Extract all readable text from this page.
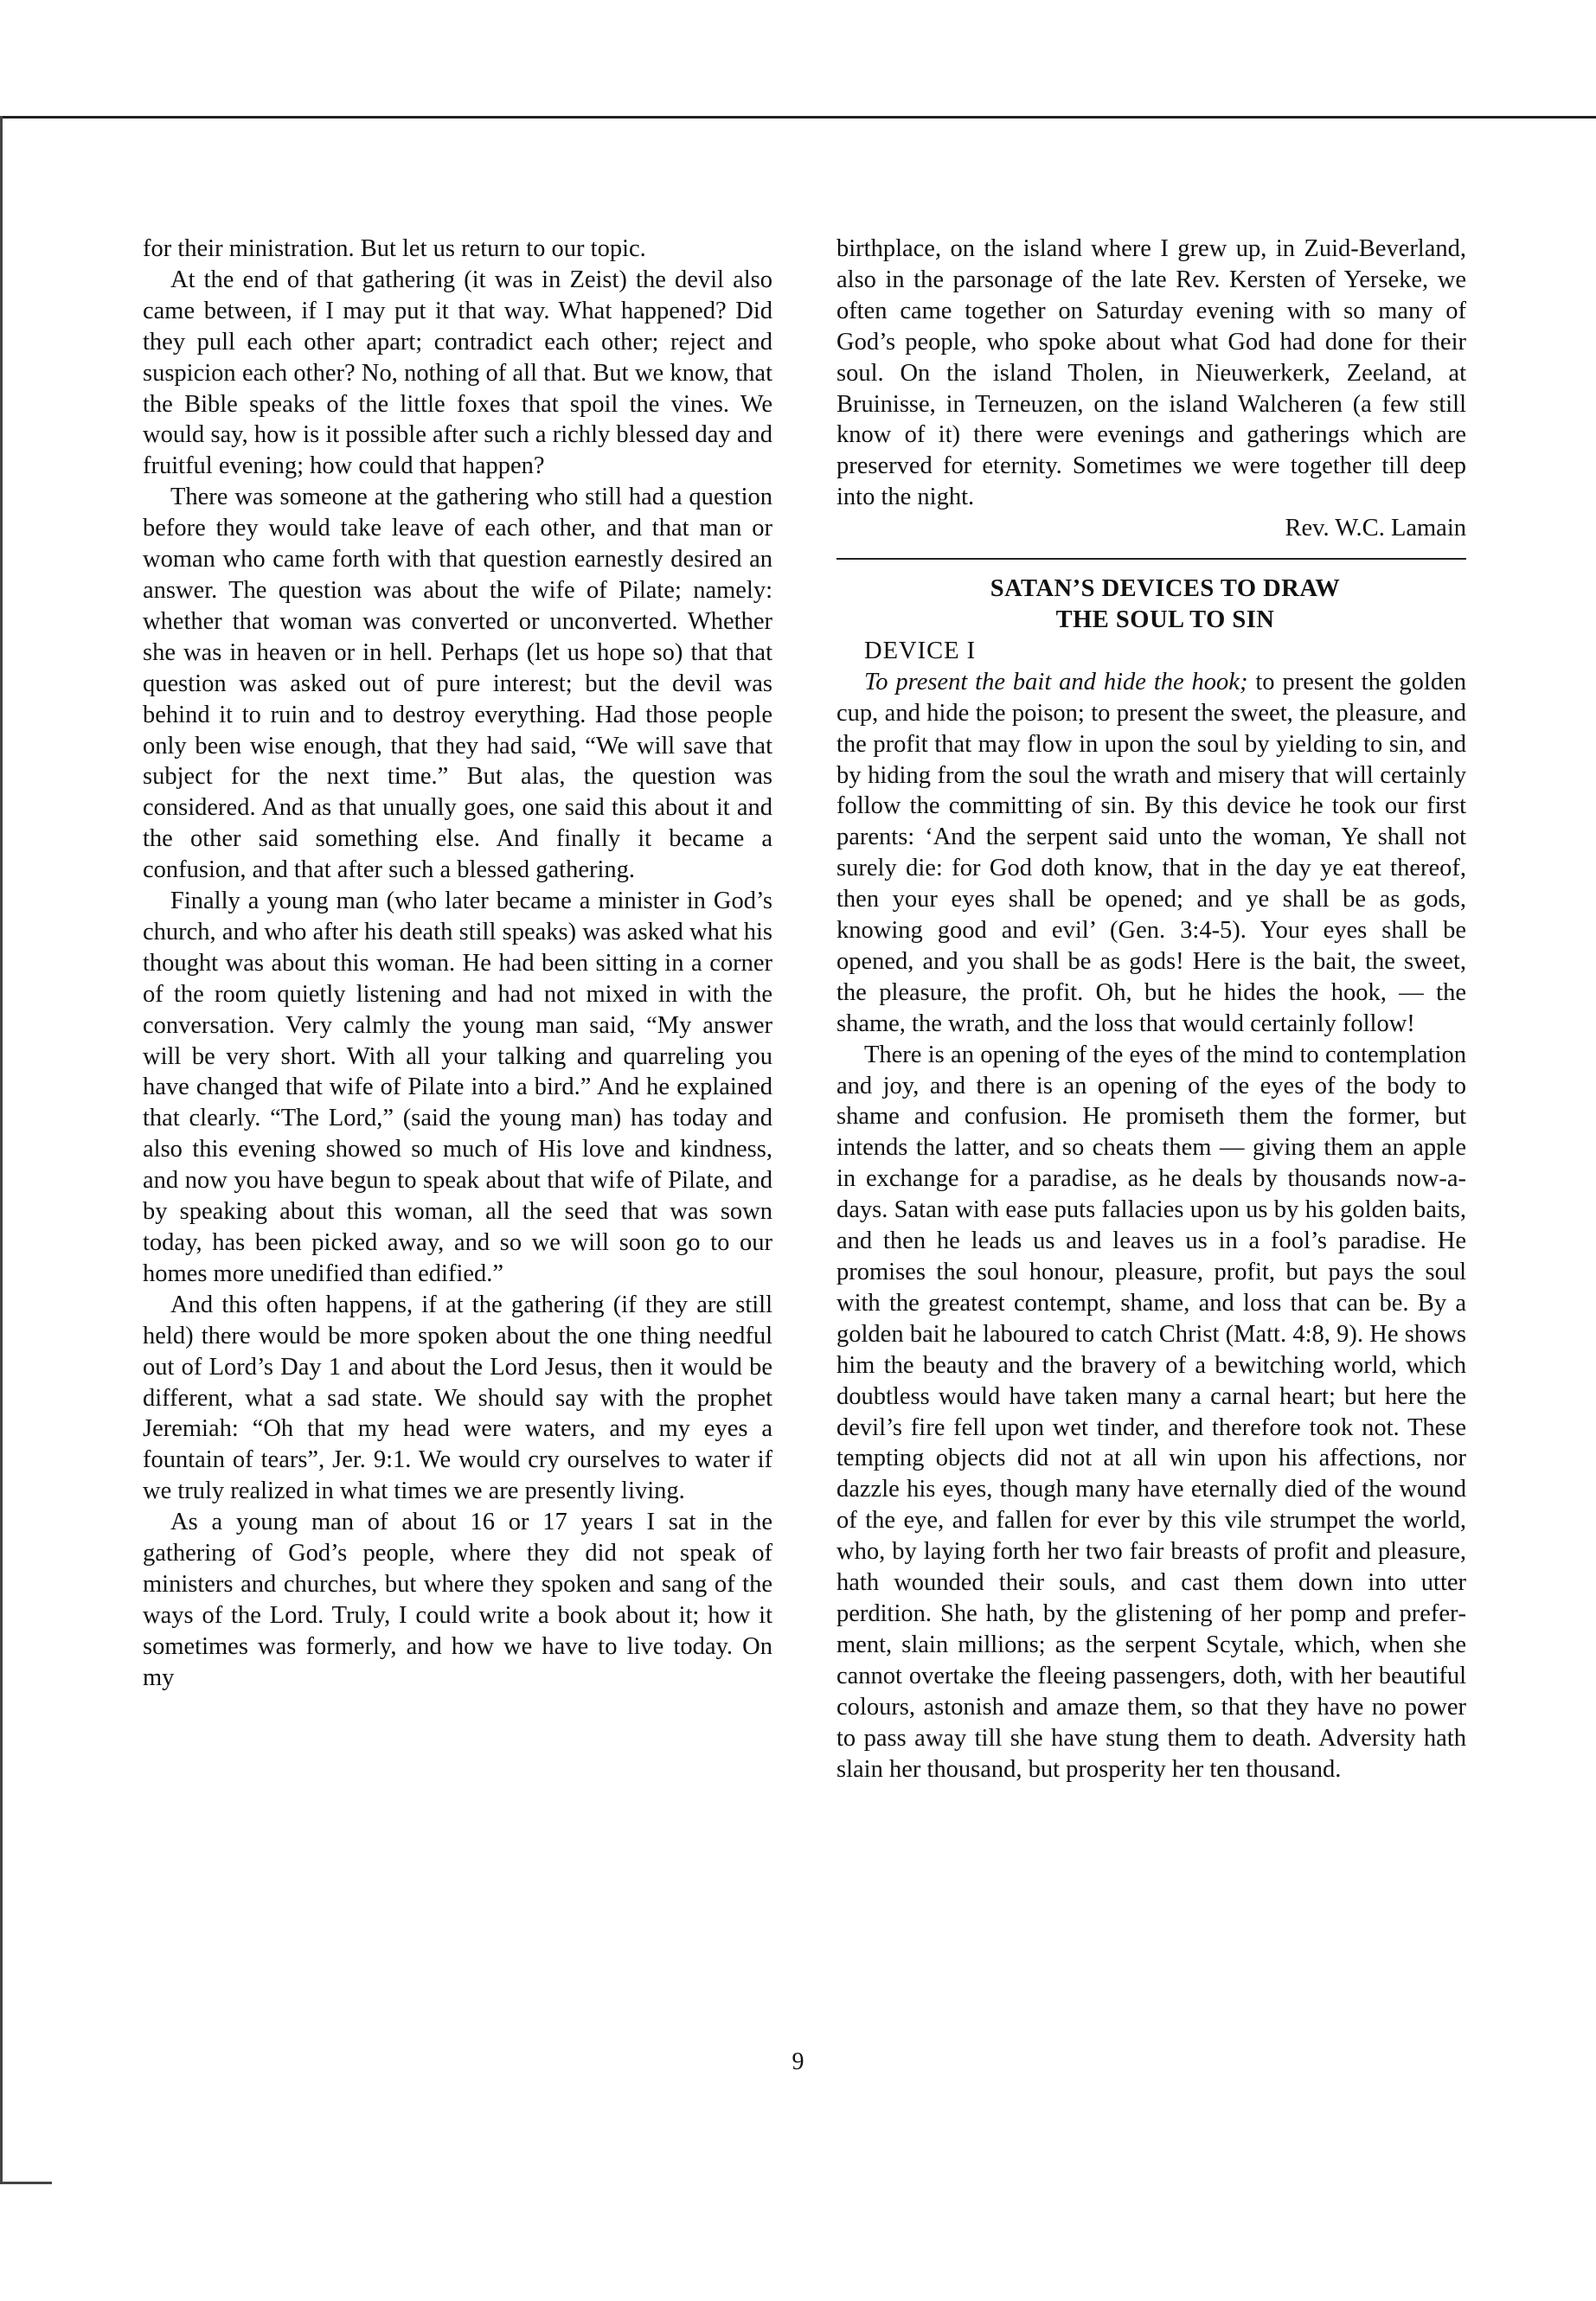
for their ministration. But let us return to our topic.

At the end of that gathering (it was in Zeist) the devil also came between, if I may put it that way. What happened? Did they pull each other apart; contradict each other; reject and suspicion each other? No, nothing of all that. But we know, that the Bible speaks of the little foxes that spoil the vines. We would say, how is it possible after such a richly blessed day and fruitful evening; how could that happen?

There was someone at the gathering who still had a question before they would take leave of each other, and that man or woman who came forth with that question earnestly desired an answer. The question was about the wife of Pilate; namely: whether that woman was converted or unconverted. Whether she was in heaven or in hell. Perhaps (let us hope so) that that question was asked out of pure interest; but the devil was behind it to ruin and to destroy everything. Had those people only been wise enough, that they had said, “We will save that subject for the next time.” But alas, the question was considered. And as that unually goes, one said this about it and the other said something else. And finally it became a confusion, and that after such a blessed gathering.

Finally a young man (who later became a minister in God’s church, and who after his death still speaks) was asked what his thought was about this woman. He had been sitting in a corner of the room quietly listening and had not mixed in with the conversation. Very calmly the young man said, “My answer will be very short. With all your talking and quarreling you have changed that wife of Pilate into a bird.” And he explained that clearly. “The Lord,” (said the young man) has today and also this evening showed so much of His love and kindness, and now you have begun to speak about that wife of Pilate, and by speaking about this woman, all the seed that was sown today, has been picked away, and so we will soon go to our homes more unedified than edified.”

And this often happens, if at the gathering (if they are still held) there would be more spoken about the one thing needful out of Lord’s Day 1 and about the Lord Jesus, then it would be different, what a sad state. We should say with the prophet Jeremiah: “Oh that my head were waters, and my eyes a fountain of tears”, Jer. 9:1. We would cry ourselves to water if we truly realized in what times we are presently living.

As a young man of about 16 or 17 years I sat in the gathering of God’s people, where they did not speak of ministers and churches, but where they spoken and sang of the ways of the Lord. Truly, I could write a book about it; how it sometimes was formerly, and how we have to live today. On my

birthplace, on the island where I grew up, in Zuid-Beverland, also in the parsonage of the late Rev. Kersten of Yerseke, we often came together on Saturday evening with so many of God’s people, who spoke about what God had done for their soul. On the island Tholen, in Nieuwerkerk, Zeeland, at Bruinisse, in Terneuzen, on the island Walcheren (a few still know of it) there were evenings and gatherings which are preserved for eternity. Sometimes we were together till deep into the night.

Rev. W.C. Lamain

SATAN’S DEVICES TO DRAW

THE SOUL TO SIN

DEVICE I

To present the bait and hide the hook; to present the golden cup, and hide the poison; to present the sweet, the pleasure, and the profit that may flow in upon the soul by yielding to sin, and by hiding from the soul the wrath and misery that will certainly follow the committing of sin. By this device he took our first parents: ‘And the serpent said unto the woman, Ye shall not surely die: for God doth know, that in the day ye eat thereof, then your eyes shall be opened; and ye shall be as gods, knowing good and evil’ (Gen. 3:4-5). Your eyes shall be opened, and you shall be as gods! Here is the bait, the sweet, the pleasure, the profit. Oh, but he hides the hook, — the shame, the wrath, and the loss that would certainly follow!

There is an opening of the eyes of the mind to contemplation and joy, and there is an opening of the eyes of the body to shame and confusion. He promiseth them the former, but intends the latter, and so cheats them — giving them an apple in exchange for a paradise, as he deals by thousands now-a-days. Satan with ease puts fallacies upon us by his golden baits, and then he leads us and leaves us in a fool’s paradise. He promises the soul honour, pleasure, profit, but pays the soul with the greatest contempt, shame, and loss that can be. By a golden bait he laboured to catch Christ (Matt. 4:8, 9). He shows him the beauty and the bravery of a bewitching world, which doubtless would have taken many a carnal heart; but here the devil’s fire fell upon wet tinder, and therefore took not. These tempting objects did not at all win upon his affections, nor dazzle his eyes, though many have eternally died of the wound of the eye, and fallen for ever by this vile strumpet the world, who, by laying forth her two fair breasts of profit and pleasure, hath wounded their souls, and cast them down into utter perdition. She hath, by the glistening of her pomp and preferment, slain millions; as the serpent Scytale, which, when she cannot overtake the fleeing passengers, doth, with her beautiful colours, astonish and amaze them, so that they have no power to pass away till she have stung them to death. Adversity hath slain her thousand, but prosperity her ten thousand.

9
